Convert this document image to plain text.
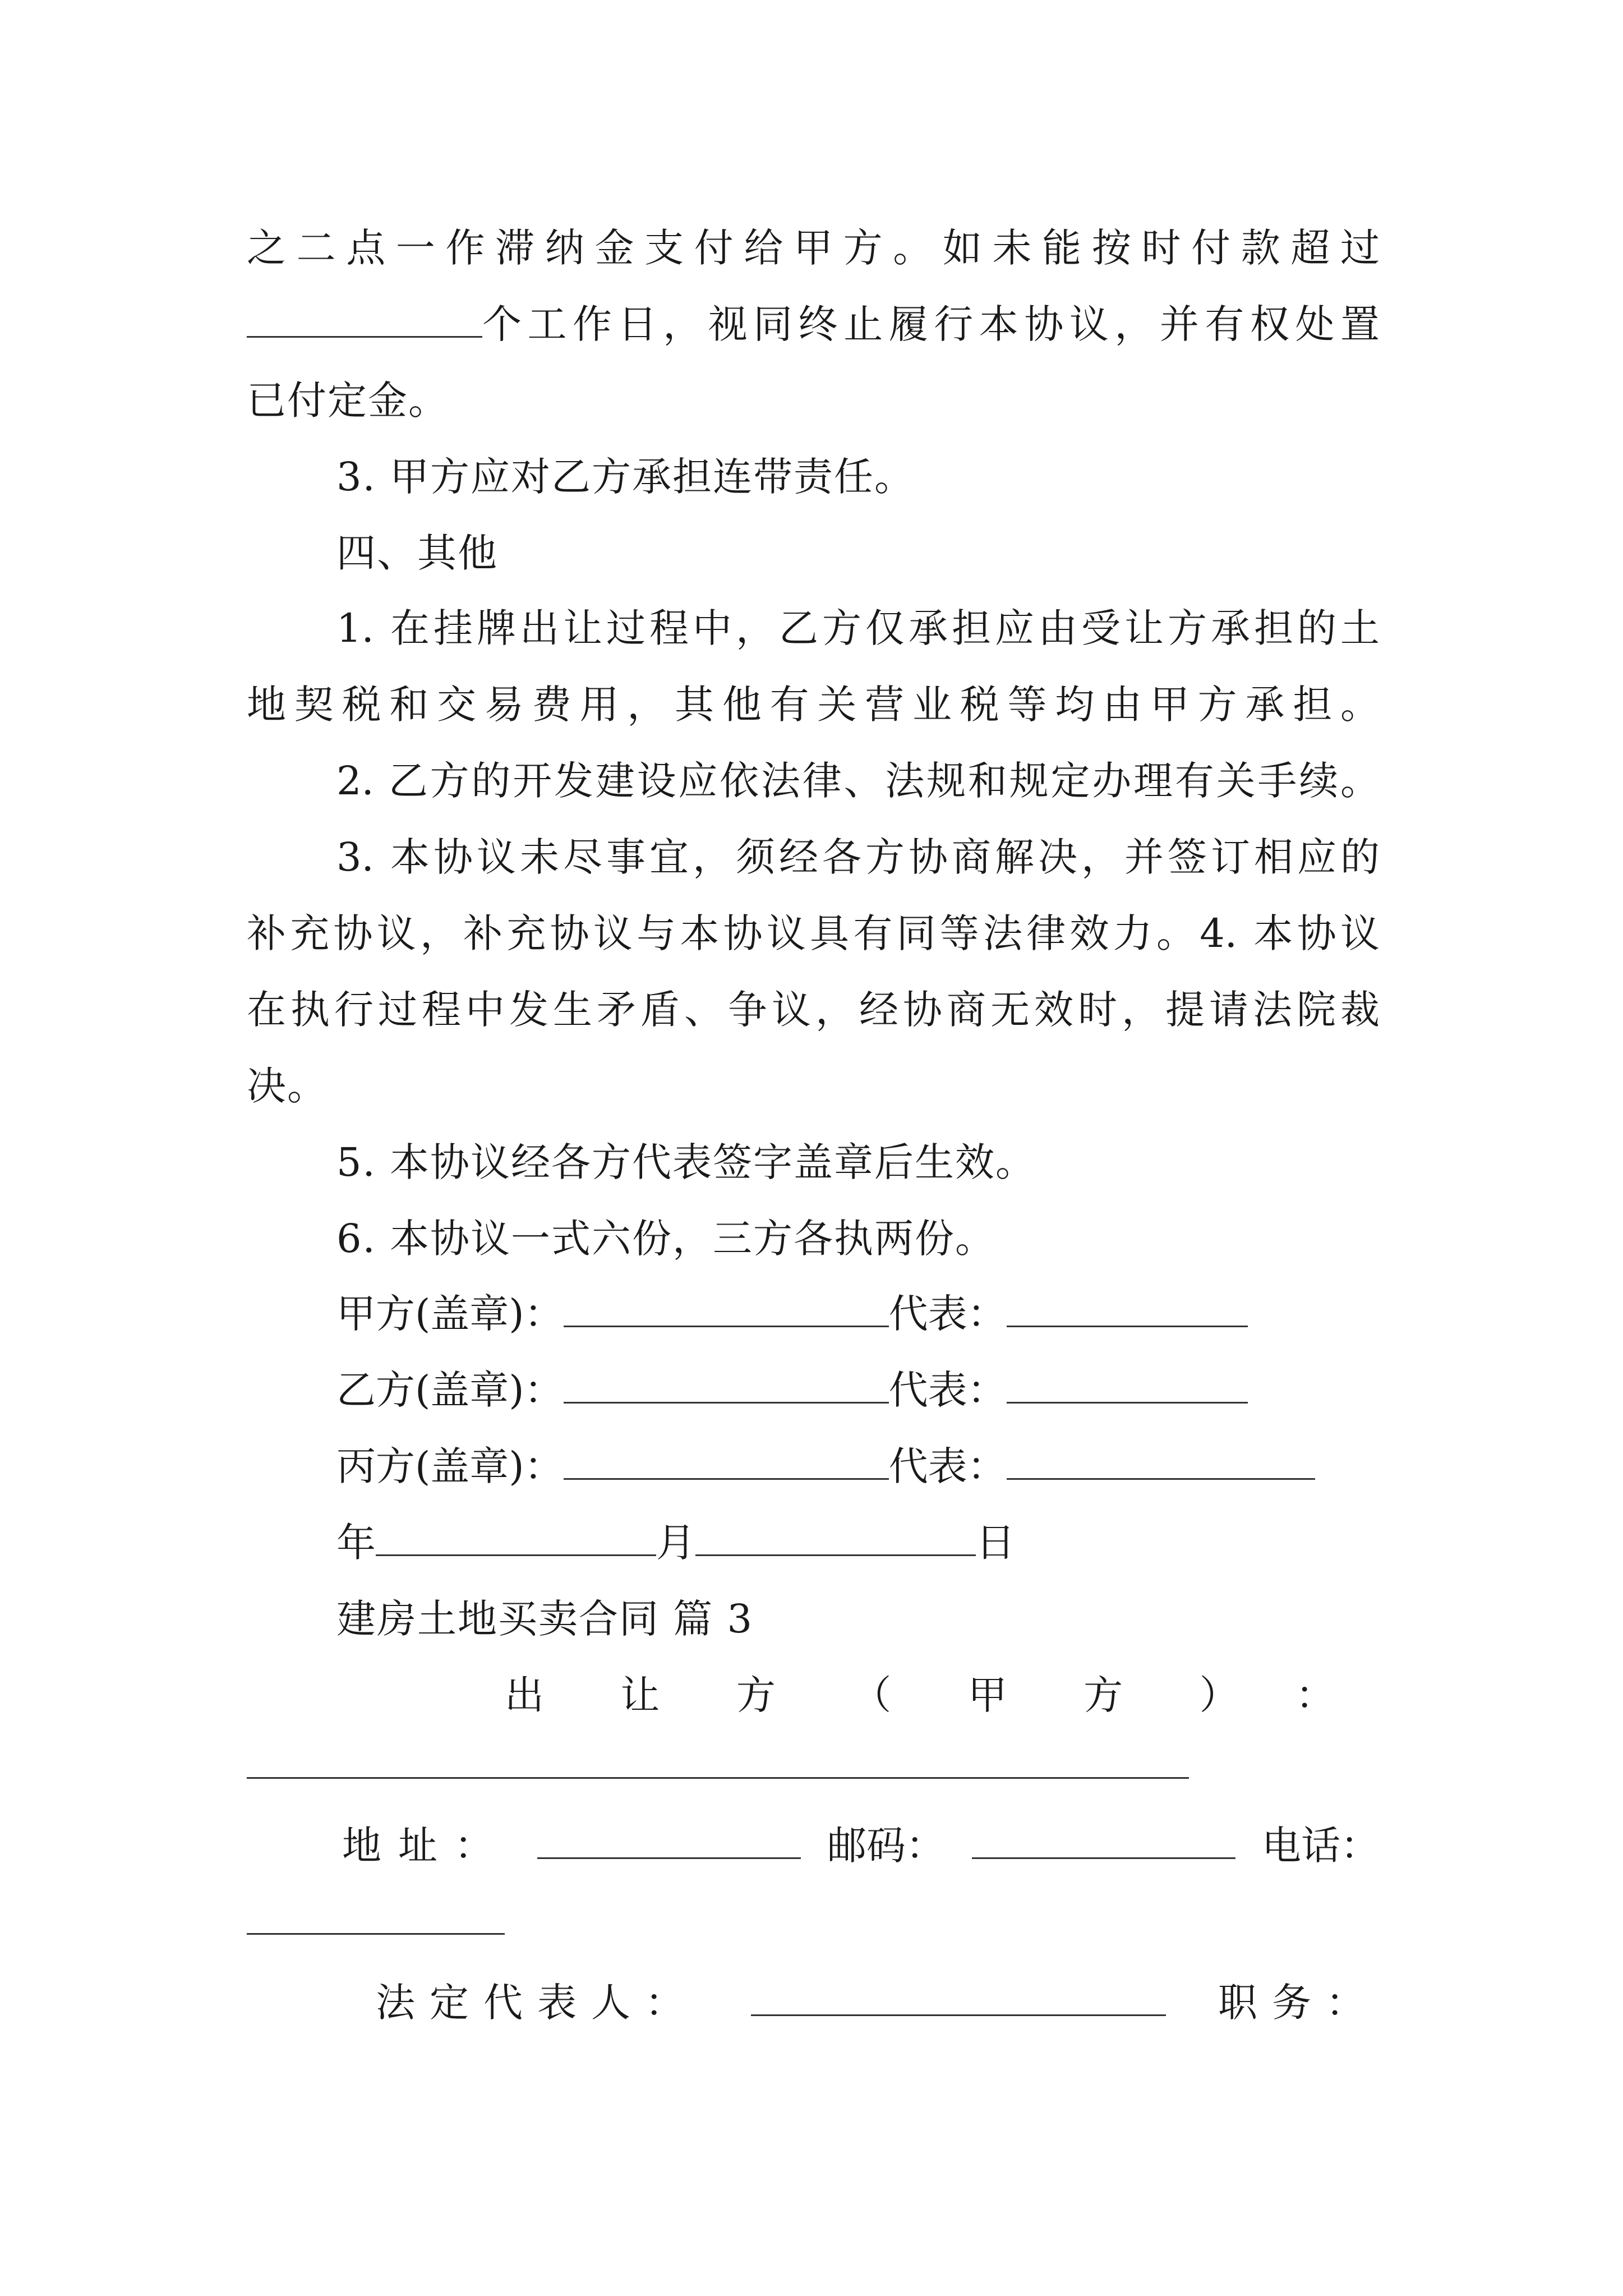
之二点一作滞纳金支付给甲方。如未能按时付款超过
个工作日，视同终止履行本协议，并有权处置
已付定金。
3. 甲方应对乙方承担连带责任。
四、其他
1. 在挂牌出让过程中，乙方仅承担应由受让方承担的土
地契税和交易费用，其他有关营业税等均由甲方承担。
2. 乙方的开发建设应依法律、法规和规定办理有关手续。
3. 本协议未尽事宜，须经各方协商解决，并签订相应的
补充协议，补充协议与本协议具有同等法律效力。4. 本协议
在执行过程中发生矛盾、争议，经协商无效时，提请法院裁
决。
5. 本协议经各方代表签字盖章后生效。
6. 本协议一式六份，三方各执两份。
甲方(盖章)：	代表：
乙方(盖章)：	代表：
丙方(盖章)：	代表：
年	月	日
建房土地买卖合同 篇 3
出让方（甲方）：
地址：	邮码：	电话：
法定代表人：	职务：
